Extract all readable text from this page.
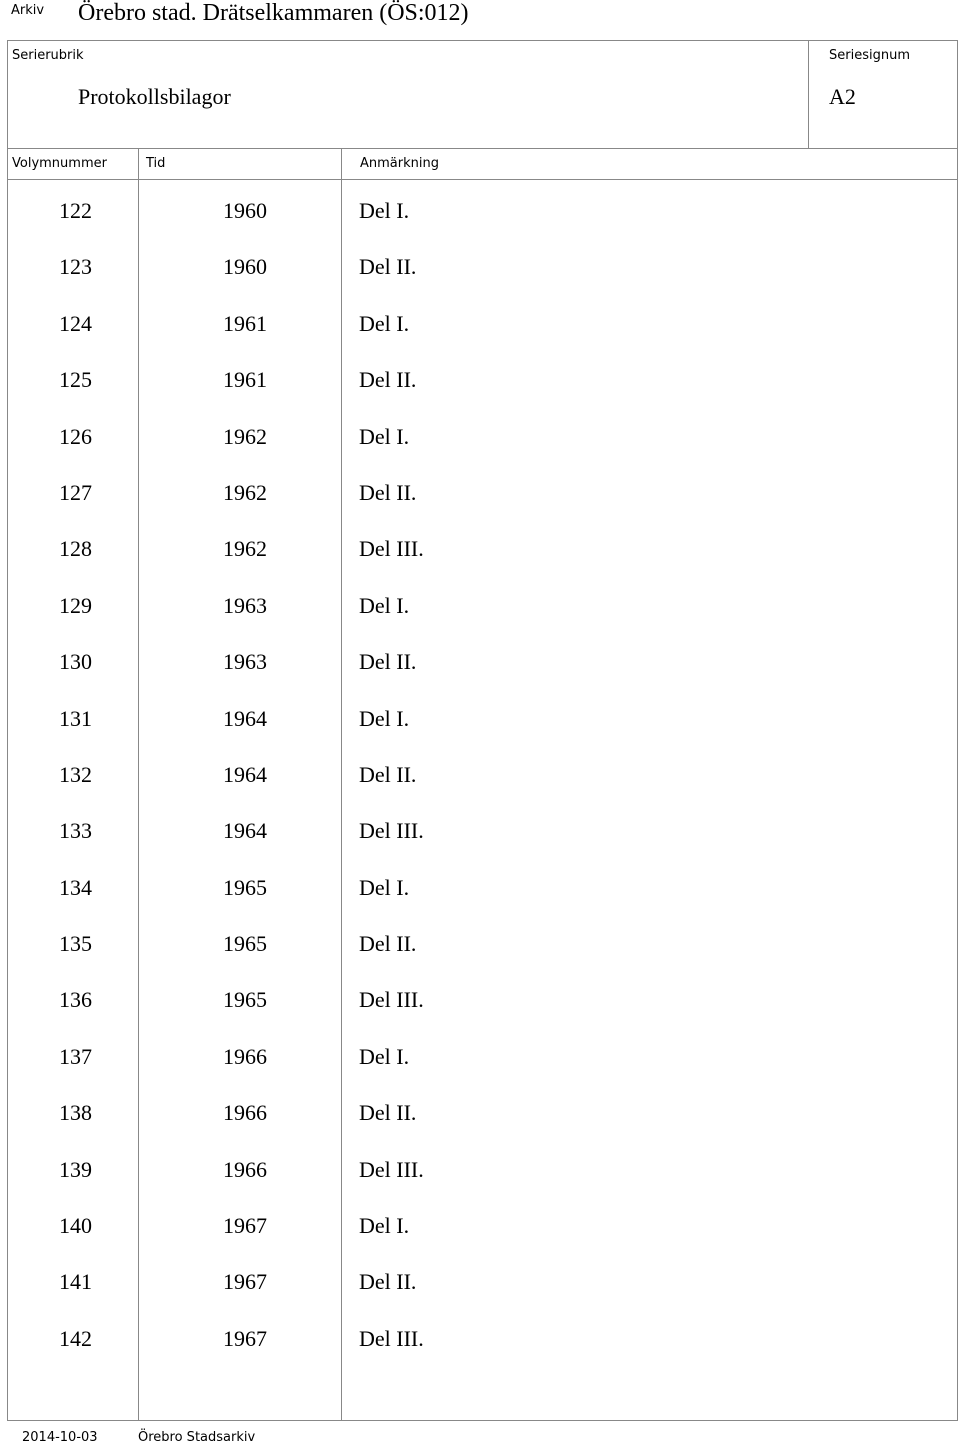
Arkiv Örebro stad. Drätselkammaren (ÖS:012)
Serierubrik
Protokollsbilagor
Seriesignum
A2
Volymnummer	Tid	Anmärkning
122	1960	Del I.
123	1960	Del II.
124	1961	Del I.
125	1961	Del II.
126	1962	Del I.
127	1962	Del II.
128	1962	Del III.
129	1963	Del I.
130	1963	Del II.
131	1964	Del I.
132	1964	Del II.
133	1964	Del III.
134	1965	Del I.
135	1965	Del II.
136	1965	Del III.
137	1966	Del I.
138	1966	Del II.
139	1966	Del III.
140	1967	Del I.
141	1967	Del II.
142	1967	Del III.
2014-10-03	Örebro Stadsarkiv
